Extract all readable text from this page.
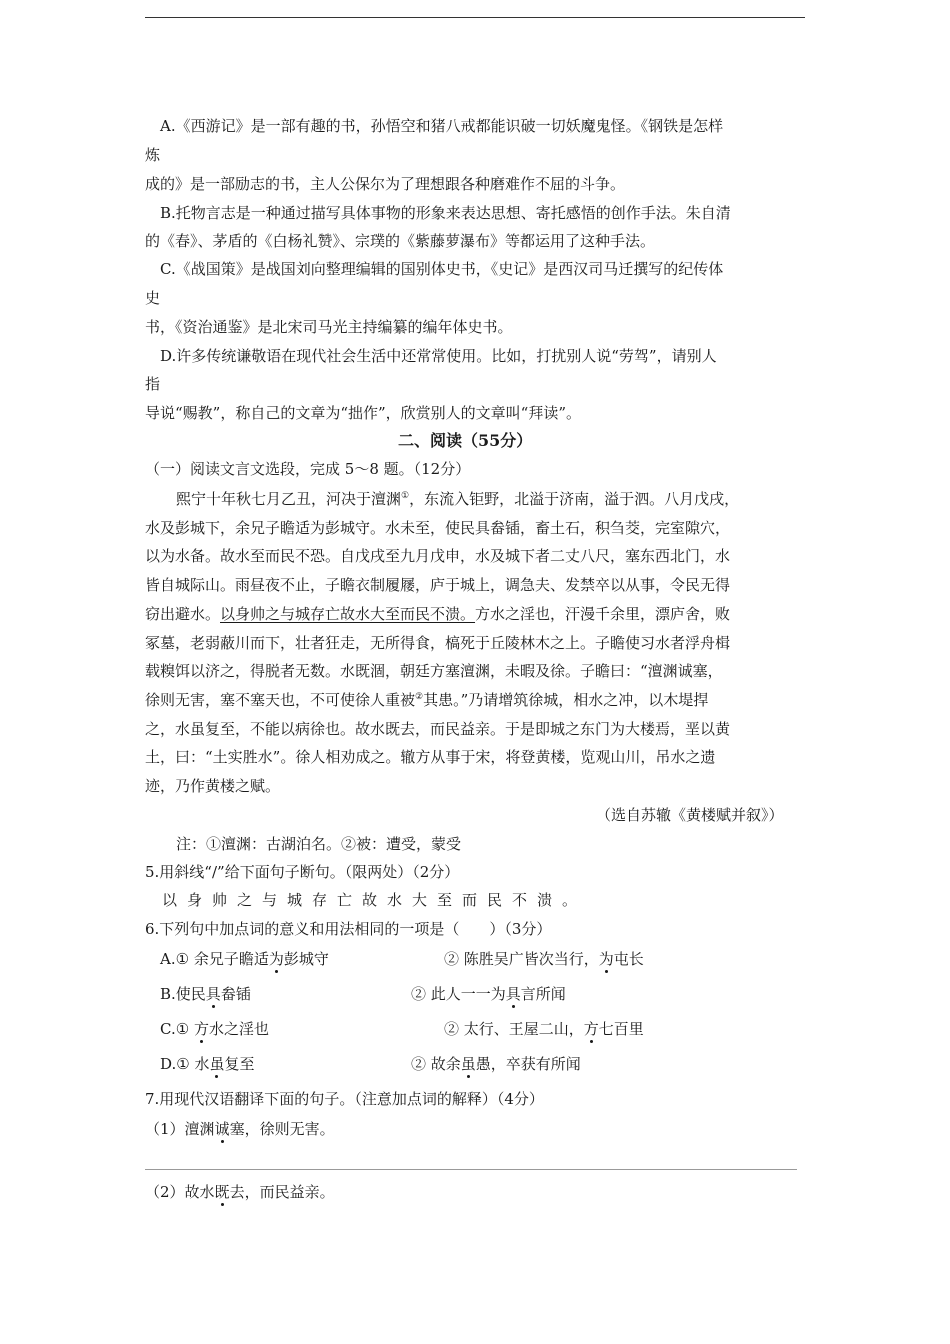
A.《西游记》是一部有趣的书，孙悟空和猪八戒都能识破一切妖魔鬼怪。《钢铁是怎样
炼
成的》是一部励志的书，主人公保尔为了理想跟各种磨难作不屈的斗争。
B.托物言志是一种通过描写具体事物的形象来表达思想、寄托感悟的创作手法。朱自清
的《春》、茅盾的《白杨礼赞》、宗璞的《紫藤萝瀑布》等都运用了这种手法。
C.《战国策》是战国刘向整理编辑的国别体史书，《史记》是西汉司马迁撰写的纪传体
史
书，《资治通鉴》是北宋司马光主持编纂的编年体史书。
D.许多传统谦敬语在现代社会生活中还常常使用。比如，打扰别人说“劳驾”，请别人
指
导说“赐教”，称自己的文章为“拙作”，欣赏别人的文章叫“拜读”。
二、阅读（55分）
（一）阅读文言文选段，完成 5～8 题。（12分）
熙宁十年秋七月乙丑，河决于澶渊①，东流入钜野，北溢于济南，溢于泗。八月戊戌，
水及彭城下，余兄子瞻适为彭城守。水未至，使民具畚锸，畜土石，积刍茭，完室隙穴，
以为水备。故水至而民不恐。自戊戌至九月戊申，水及城下者二丈八尺，塞东西北门，水
皆自城际山。雨昼夜不止，子瞻衣制履屦，庐于城上，调急夫、发禁卒以从事，令民无得
窃出避水。以身帅之与城存亡故水大至而民不溃。方水之淫也，汗漫千余里，漂庐舍，败
冢墓，老弱蔽川而下，壮者狂走，无所得食，槁死于丘陵林木之上。子瞻使习水者浮舟楫
载糗饵以济之，得脱者无数。水既涸，朝廷方塞澶渊，未暇及徐。子瞻曰：“澶渊诚塞，
徐则无害，塞不塞天也，不可使徐人重被②其患。”乃请增筑徐城，相水之冲，以木堤捍
之，水虽复至，不能以病徐也。故水既去，而民益亲。于是即城之东门为大楼焉，垩以黄
土，曰：“土实胜水”。徐人相劝成之。辙方从事于宋，将登黄楼，览观山川，吊水之遗
迹，乃作黄楼之赋。
（选自苏辙《黄楼赋并叙》）
注：①澶渊：古湖泊名。②被：遭受，蒙受
5.用斜线“/”给下面句子断句。（限两处）（2分）
以身帅之与城存亡故水大至而民不溃。
6.下列句中加点词的意义和用法相同的一项是（　　）（3分）
A.① 余兄子瞻适为彭城守	② 陈胜吴广皆次当行，为屯长
B.使民具畚锸	② 此人一一为具言所闻
C.① 方水之淫也	② 太行、王屋二山，方七百里
D.① 水虽复至	② 故余虽愚，卒获有所闻
7.用现代汉语翻译下面的句子。（注意加点词的解释）（4分）
（1）澶渊诚塞，徐则无害。
（2）故水既去，而民益亲。
